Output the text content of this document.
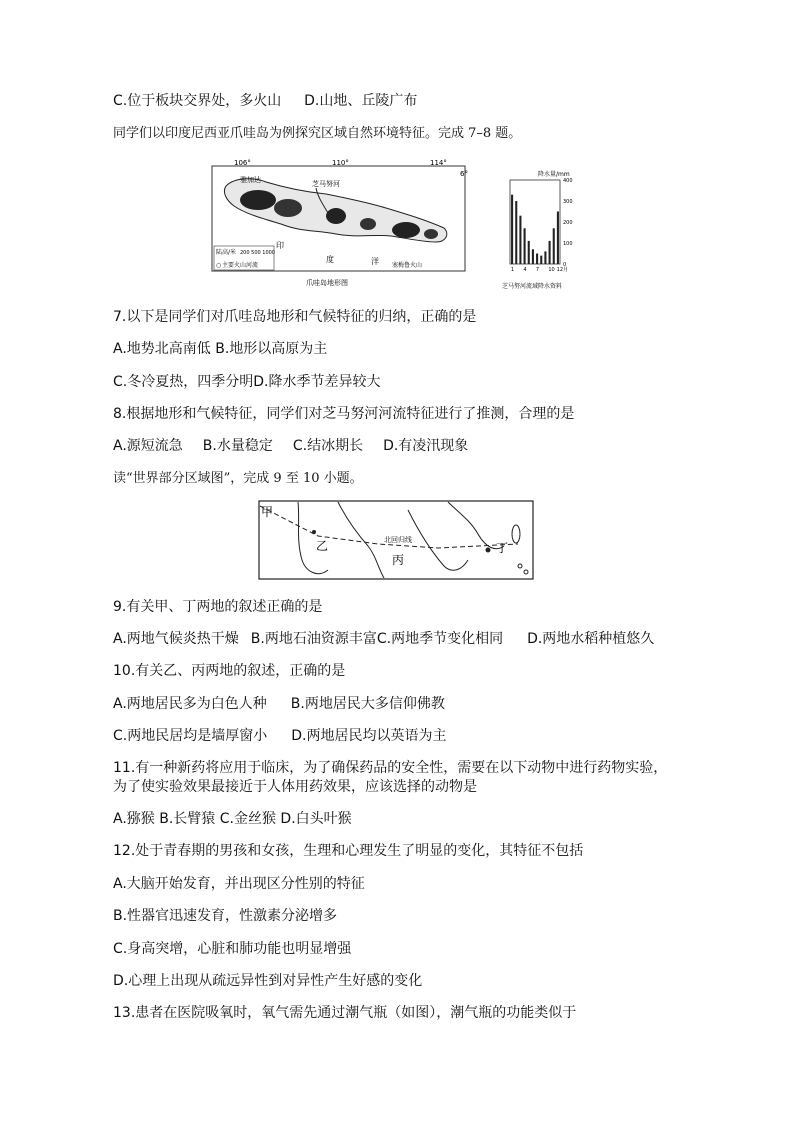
C.位于板块交界处，多火山 D.山地、丘陵广布
同学们以印度尼西亚爪哇岛为例探究区域自然环境特征。完成 7–8 题。
106°	110°	114°
6°
雅加达	芝马努河
印
度	洋 塞梅鲁火山
陆高/米 200 500 1000
○ 主要火山 河流
爪哇岛地形图
降水量/mm
400
300
200
100
0
1 4 7 10 12月
芝马努河流域降水资料
7.以下是同学们对爪哇岛地形和气候特征的归纳，正确的是
A.地势北高南低 B.地形以高原为主
C.冬冷夏热，四季分明D.降水季节差异较大
8.根据地形和气候特征，同学们对芝马努河河流特征进行了推测，合理的是
A.源短流急 B.水量稳定 C.结冰期长 D.有凌汛现象
读“世界部分区域图”，完成 9 至 10 小题。
甲
乙
丙
丁
北回归线
9.有关甲、丁两地的叙述正确的是
A.两地气候炎热干燥 B.两地石油资源丰富C.两地季节变化相同 D.两地水稻种植悠久
10.有关乙、丙两地的叙述，正确的是
A.两地居民多为白色人种 B.两地居民大多信仰佛教
C.两地民居均是墙厚窗小 D.两地居民均以英语为主
11.有一种新药将应用于临床，为了确保药品的安全性，需要在以下动物中进行药物实验，
为了使实验效果最接近于人体用药效果，应该选择的动物是
A.猕猴 B.长臂猿 C.金丝猴 D.白头叶猴
12.处于青春期的男孩和女孩，生理和心理发生了明显的变化，其特征不包括
A.大脑开始发育，并出现区分性别的特征
B.性器官迅速发育，性激素分泌增多
C.身高突增，心脏和肺功能也明显增强
D.心理上出现从疏远异性到对异性产生好感的变化
13.患者在医院吸氧时，氧气需先通过潮气瓶（如图），潮气瓶的功能类似于
